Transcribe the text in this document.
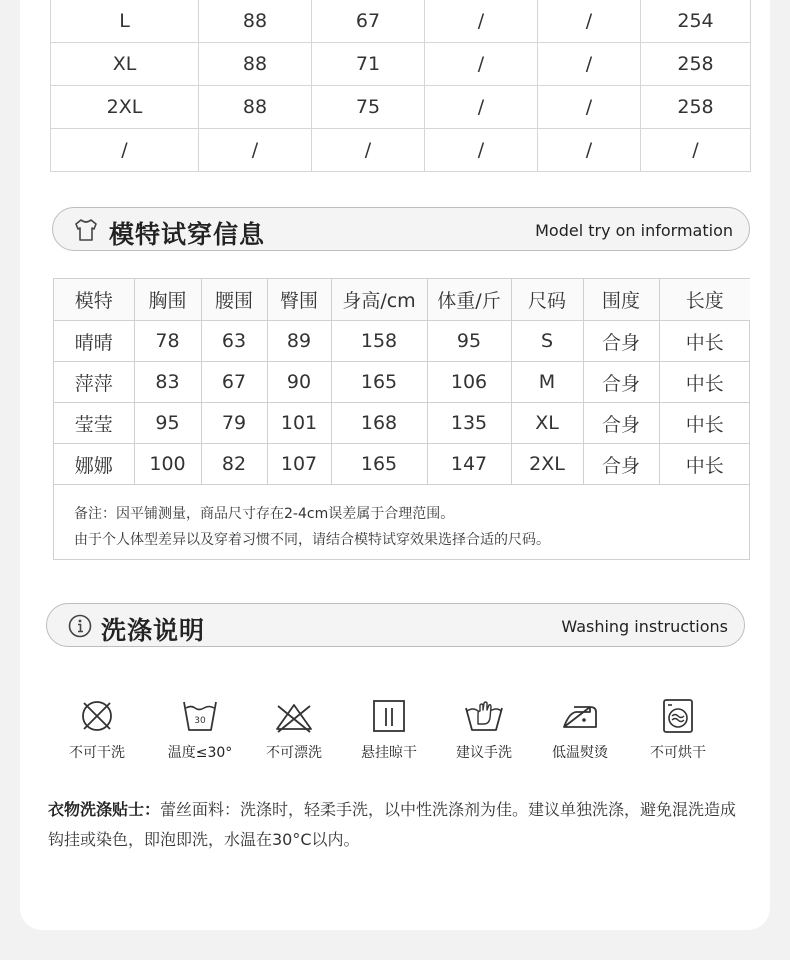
L	88	67	/	/	254
XL	88	71	/	/	258
2XL	88	75	/	/	258
/	/	/	/	/	/
模特试穿信息	Model try on information
模特	胸围	腰围	臀围	身高/cm	体重/斤	尺码	围度	长度
晴晴	78	63	89	158	95	S	合身	中长
萍萍	83	67	90	165	106	M	合身	中长
莹莹	95	79	101	168	135	XL	合身	中长
娜娜	100	82	107	165	147	2XL	合身	中长
备注：因平铺测量，商品尺寸存在2-4cm误差属于合理范围。
由于个人体型差异以及穿着习惯不同，请结合模特试穿效果选择合适的尺码。
洗涤说明	Washing instructions
不可干洗
30
温度≤30°	不可漂洗	悬挂晾干	建议手洗	低温熨烫	不可烘干
衣物洗涤贴士：蕾丝面料：洗涤时，轻柔手洗，以中性洗涤剂为佳。建议单独洗涤，避免混洗造成钩挂或染色，即泡即洗，水温在30°C以内。
